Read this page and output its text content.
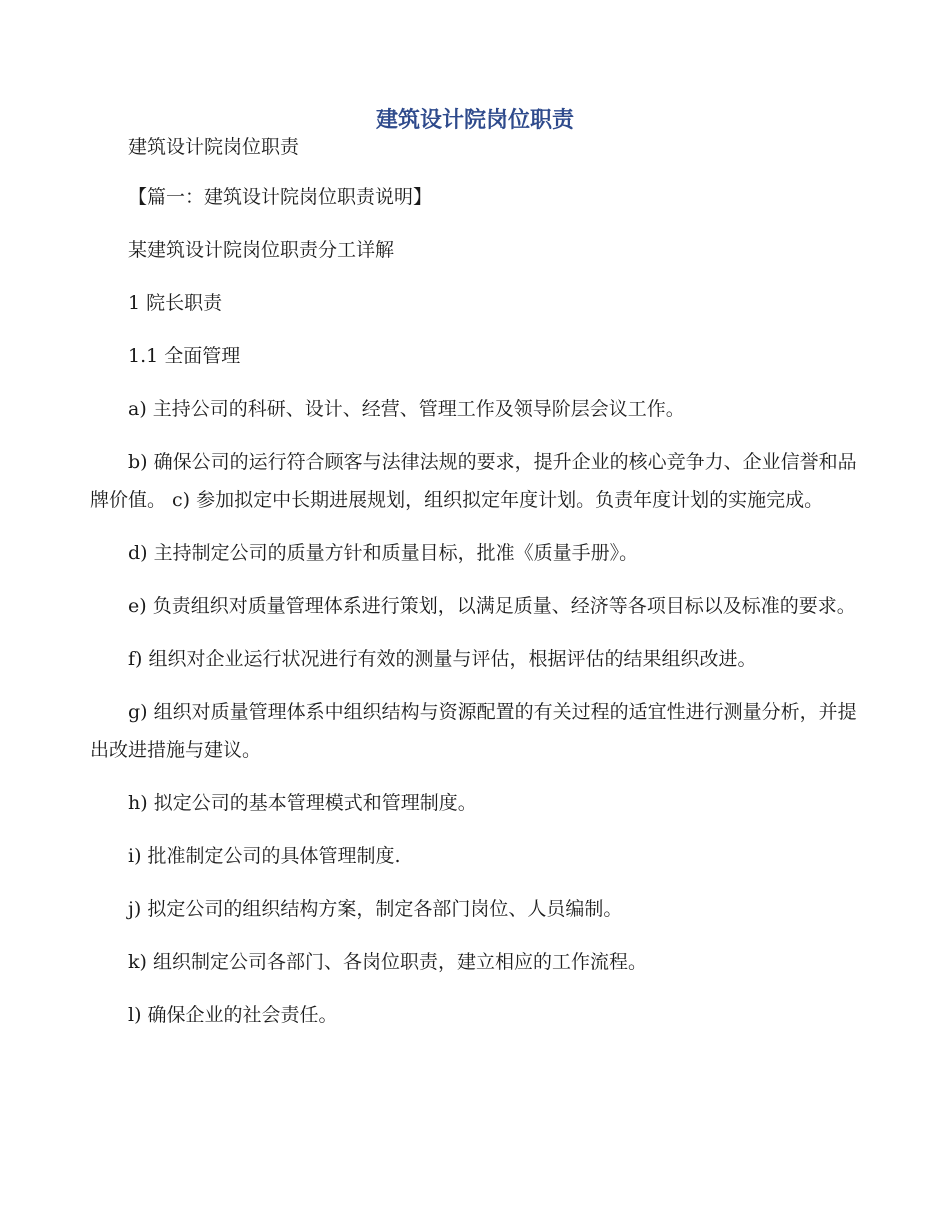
建筑设计院岗位职责

建筑设计院岗位职责

【篇一：建筑设计院岗位职责说明】

某建筑设计院岗位职责分工详解

1 院长职责

1.1 全面管理

a) 主持公司的科研、设计、经营、管理工作及领导阶层会议工作。

b) 确保公司的运行符合顾客与法律法规的要求，提升企业的核心竞争力、企业信誉和品牌价值。 c) 参加拟定中长期进展规划，组织拟定年度计划。负责年度计划的实施完成。

d) 主持制定公司的质量方针和质量目标，批准《质量手册》。

e) 负责组织对质量管理体系进行策划，以满足质量、经济等各项目标以及标准的要求。

f) 组织对企业运行状况进行有效的测量与评估，根据评估的结果组织改进。

g) 组织对质量管理体系中组织结构与资源配置的有关过程的适宜性进行测量分析，并提出改进措施与建议。

h) 拟定公司的基本管理模式和管理制度。

i) 批准制定公司的具体管理制度.

j) 拟定公司的组织结构方案，制定各部门岗位、人员编制。

k) 组织制定公司各部门、各岗位职责，建立相应的工作流程。

l) 确保企业的社会责任。
